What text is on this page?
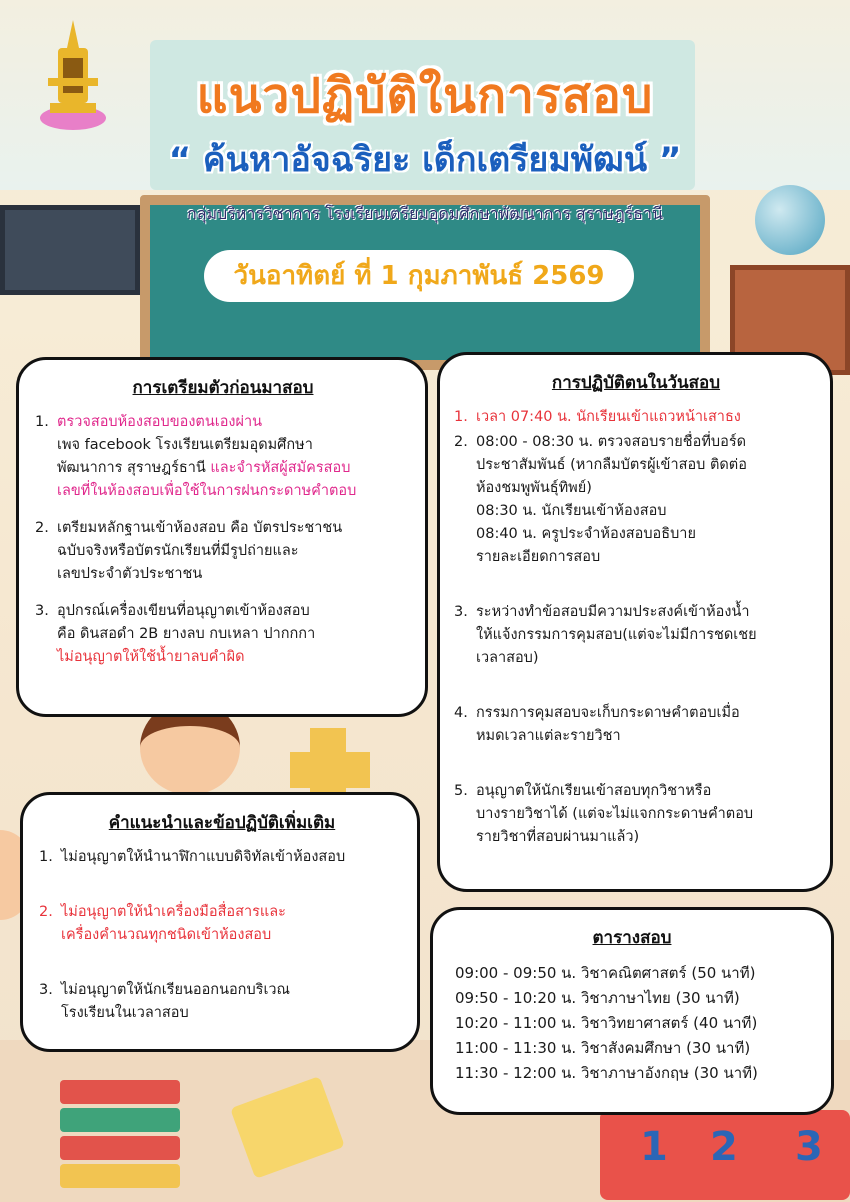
1 2 3
แนวปฏิบัติในการสอบ
“ ค้นหาอัจฉริยะ เด็กเตรียมพัฒน์ ”
กลุ่มบริหารวิชาการ โรงเรียนเตรียมอุดมศึกษาพัฒนาการ สุราษฎร์ธานี
วันอาทิตย์ ที่ 1 กุมภาพันธ์ 2569
การเตรียมตัวก่อนมาสอบ
1. ตรวจสอบห้องสอบของตนเองผ่าน
เพจ facebook โรงเรียนเตรียมอุดมศึกษา
พัฒนาการ สุราษฎร์ธานี และจำรหัสผู้สมัครสอบ
เลขที่ในห้องสอบเพื่อใช้ในการฝนกระดาษคำตอบ
2. เตรียมหลักฐานเข้าห้องสอบ คือ บัตรประชาชน
ฉบับจริงหรือบัตรนักเรียนที่มีรูปถ่ายและ
เลขประจำตัวประชาชน
3. อุปกรณ์เครื่องเขียนที่อนุญาตเข้าห้องสอบ
คือ ดินสอดำ 2B ยางลบ กบเหลา ปากกกา
ไม่อนุญาตให้ใช้น้ำยาลบคำผิด
การปฏิบัติตนในวันสอบ
1. เวลา 07:40 น. นักเรียนเข้าแถวหน้าเสาธง
2. 08:00 - 08:30 น. ตรวจสอบรายชื่อที่บอร์ด
ประชาสัมพันธ์ (หากลืมบัตรผู้เข้าสอบ ติดต่อ
ห้องชมพูพันธุ์ทิพย์)
08:30 น. นักเรียนเข้าห้องสอบ
08:40 น. ครูประจำห้องสอบอธิบาย
รายละเอียดการสอบ
3. ระหว่างทำข้อสอบมีความประสงค์เข้าห้องน้ำ
ให้แจ้งกรรมการคุมสอบ(แต่จะไม่มีการชดเชย
เวลาสอบ)
4. กรรมการคุมสอบจะเก็บกระดาษคำตอบเมื่อ
หมดเวลาแต่ละรายวิชา
5. อนุญาตให้นักเรียนเข้าสอบทุกวิชาหรือ
บางรายวิชาได้ (แต่จะไม่แจกกระดาษคำตอบ
รายวิชาที่สอบผ่านมาแล้ว)
คำแนะนำและข้อปฏิบัติเพิ่มเติม
1. ไม่อนุญาตให้นำนาฬิกาแบบดิจิทัลเข้าห้องสอบ
2. ไม่อนุญาตให้นำเครื่องมือสื่อสารและ
เครื่องคำนวณทุกชนิดเข้าห้องสอบ
3. ไม่อนุญาตให้นักเรียนออกนอกบริเวณ
โรงเรียนในเวลาสอบ
ตารางสอบ
09:00 - 09:50 น. วิชาคณิตศาสตร์ (50 นาที)
09:50 - 10:20 น. วิชาภาษาไทย (30 นาที)
10:20 - 11:00 น. วิชาวิทยาศาสตร์ (40 นาที)
11:00 - 11:30 น. วิชาสังคมศึกษา (30 นาที)
11:30 - 12:00 น. วิชาภาษาอังกฤษ (30 นาที)
